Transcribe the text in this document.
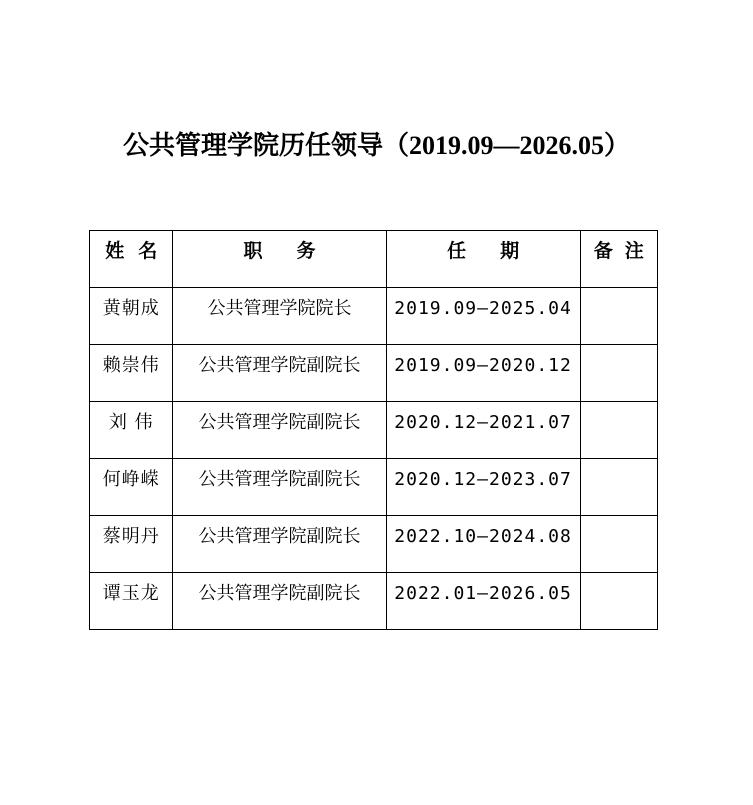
公共管理学院历任领导（2019.09—2026.05）
姓名	职务	任期	备注
黄朝成	公共管理学院院长	2019.09—2025.04	
赖崇伟	公共管理学院副院长	2019.09—2020.12	
刘 伟	公共管理学院副院长	2020.12—2021.07	
何峥嵘	公共管理学院副院长	2020.12—2023.07	
蔡明丹	公共管理学院副院长	2022.10—2024.08	
谭玉龙	公共管理学院副院长	2022.01—2026.05	
